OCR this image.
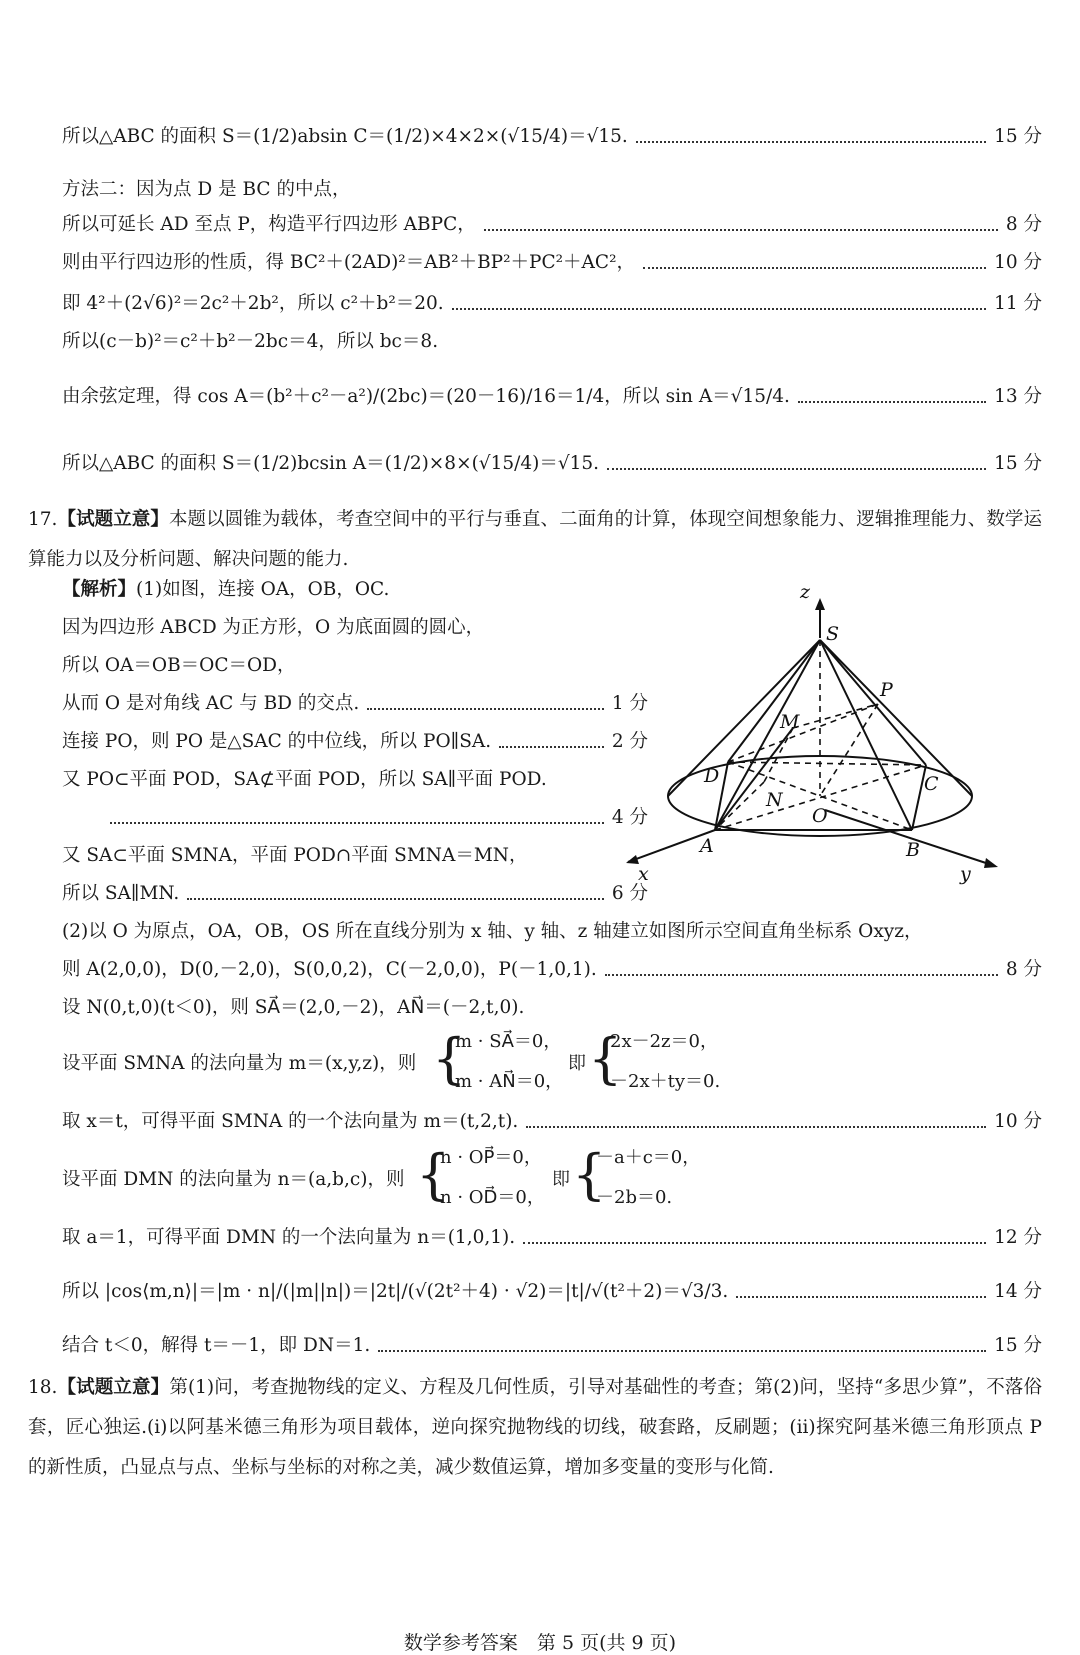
所以△ABC 的面积 S＝(1/2)absin C＝(1/2)×4×2×(√15/4)＝√15.	15 分
方法二：因为点 D 是 BC 的中点，
所以可延长 AD 至点 P，构造平行四边形 ABPC，	8 分
则由平行四边形的性质，得 BC²＋(2AD)²＝AB²＋BP²＋PC²＋AC²，	10 分
即 4²＋(2√6)²＝2c²＋2b²，所以 c²＋b²＝20.	11 分
所以(c－b)²＝c²＋b²－2bc＝4，所以 bc＝8.
由余弦定理，得 cos A＝(b²＋c²－a²)/(2bc)＝(20－16)/16＝1/4，所以 sin A＝√15/4.	13 分
所以△ABC 的面积 S＝(1/2)bcsin A＝(1/2)×8×(√15/4)＝√15.	15 分
17.【试题立意】本题以圆锥为载体，考查空间中的平行与垂直、二面角的计算，体现空间想象能力、逻辑推理能力、数学运算能力以及分析问题、解决问题的能力.
【解析】(1)如图，连接 OA，OB，OC.
因为四边形 ABCD 为正方形，O 为底面圆的圆心，
所以 OA＝OB＝OC＝OD，
从而 O 是对角线 AC 与 BD 的交点.	1 分
连接 PO，则 PO 是△SAC 的中位线，所以 PO∥SA.	2 分
又 PO⊂平面 POD，SA⊄平面 POD，所以 SA∥平面 POD.
4 分
又 SA⊂平面 SMNA，平面 POD∩平面 SMNA＝MN，
所以 SA∥MN.	6 分
z
S
P
M
D
N
O
C
A	B
x	y
(2)以 O 为原点，OA，OB，OS 所在直线分别为 x 轴、y 轴、z 轴建立如图所示空间直角坐标系 Oxyz，
则 A(2,0,0)，D(0,－2,0)，S(0,0,2)，C(－2,0,0)，P(－1,0,1).	8 分
设 N(0,t,0)(t＜0)，则 SA⃗＝(2,0,－2)，AN⃗＝(－2,t,0).
设平面 SMNA 的法向量为 m＝(x,y,z)，则 {
m · SA⃗＝0，
m · AN⃗＝0，
即 {
2x－2z＝0，
－2x＋ty＝0.
取 x＝t，可得平面 SMNA 的一个法向量为 m＝(t,2,t).	10 分
设平面 DMN 的法向量为 n＝(a,b,c)，则 {
n · OP⃗＝0，
n · OD⃗＝0，
即 {
－a＋c＝0，
－2b＝0.
取 a＝1，可得平面 DMN 的一个法向量为 n＝(1,0,1).	12 分
所以 |cos⟨m,n⟩|＝|m · n|/(|m||n|)＝|2t|/(√(2t²＋4) · √2)＝|t|/√(t²＋2)＝√3/3.	14 分
结合 t＜0，解得 t＝－1，即 DN＝1.	15 分
18.【试题立意】第(1)问，考查抛物线的定义、方程及几何性质，引导对基础性的考查；第(2)问，坚持“多思少算”，不落俗套，匠心独运.(i)以阿基米德三角形为项目载体，逆向探究抛物线的切线，破套路，反刷题；(ii)探究阿基米德三角形顶点 P 的新性质，凸显点与点、坐标与坐标的对称之美，减少数值运算，增加多变量的变形与化简.
数学参考答案　第 5 页(共 9 页)
